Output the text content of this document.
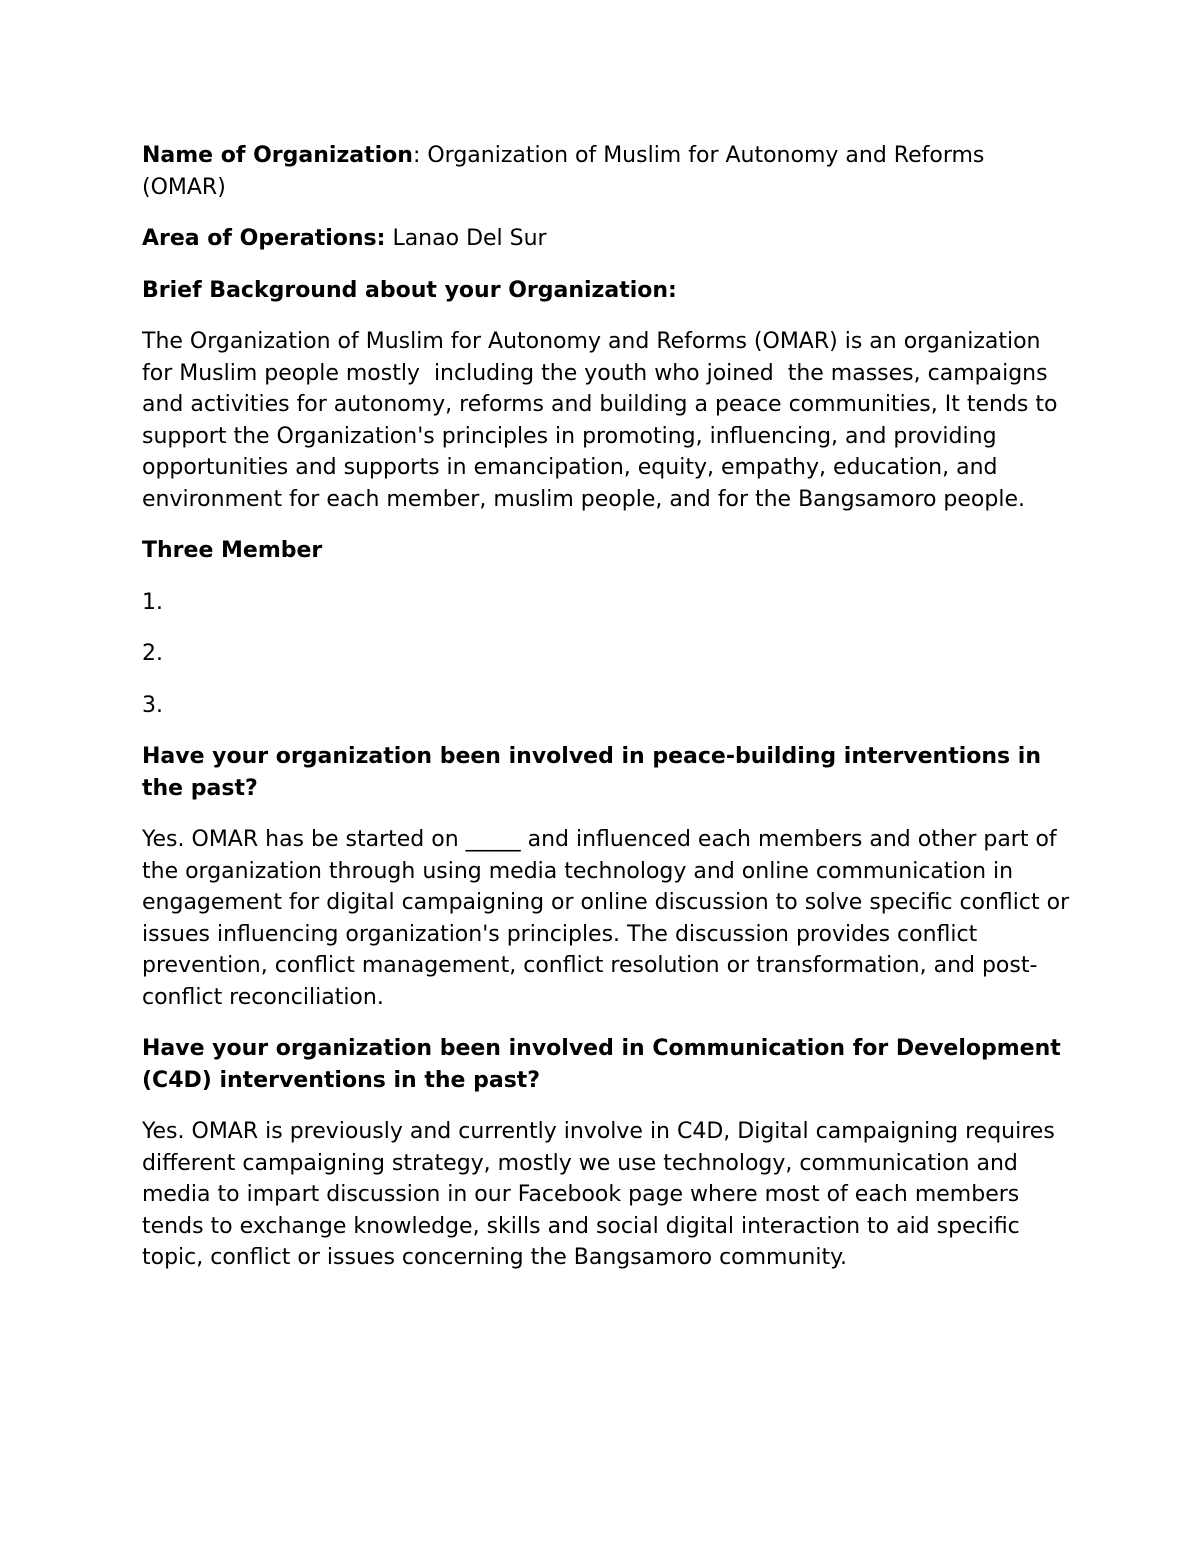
Name of Organization: Organization of Muslim for Autonomy and Reforms (OMAR)

Area of Operations: Lanao Del Sur

Brief Background about your Organization:

The Organization of Muslim for Autonomy and Reforms (OMAR) is an organization for Muslim people mostly  including the youth who joined  the masses, campaigns and activities for autonomy, reforms and building a peace communities, It tends to support the Organization's principles in promoting, influencing, and providing opportunities and supports in emancipation, equity, empathy, education, and environment for each member, muslim people, and for the Bangsamoro people.

Three Member

1.

2.

3.

Have your organization been involved in peace-building interventions in the past?

Yes. OMAR has be started on _____ and influenced each members and other part of the organization through using media technology and online communication in engagement for digital campaigning or online discussion to solve specific conflict or issues influencing organization's principles. The discussion provides conflict prevention, conflict management, conflict resolution or transformation, and post-conflict reconciliation.

Have your organization been involved in Communication for Development (C4D) interventions in the past?

Yes. OMAR is previously and currently involve in C4D, Digital campaigning requires different campaigning strategy, mostly we use technology, communication and media to impart discussion in our Facebook page where most of each members tends to exchange knowledge, skills and social digital interaction to aid specific topic, conflict or issues concerning the Bangsamoro community.
